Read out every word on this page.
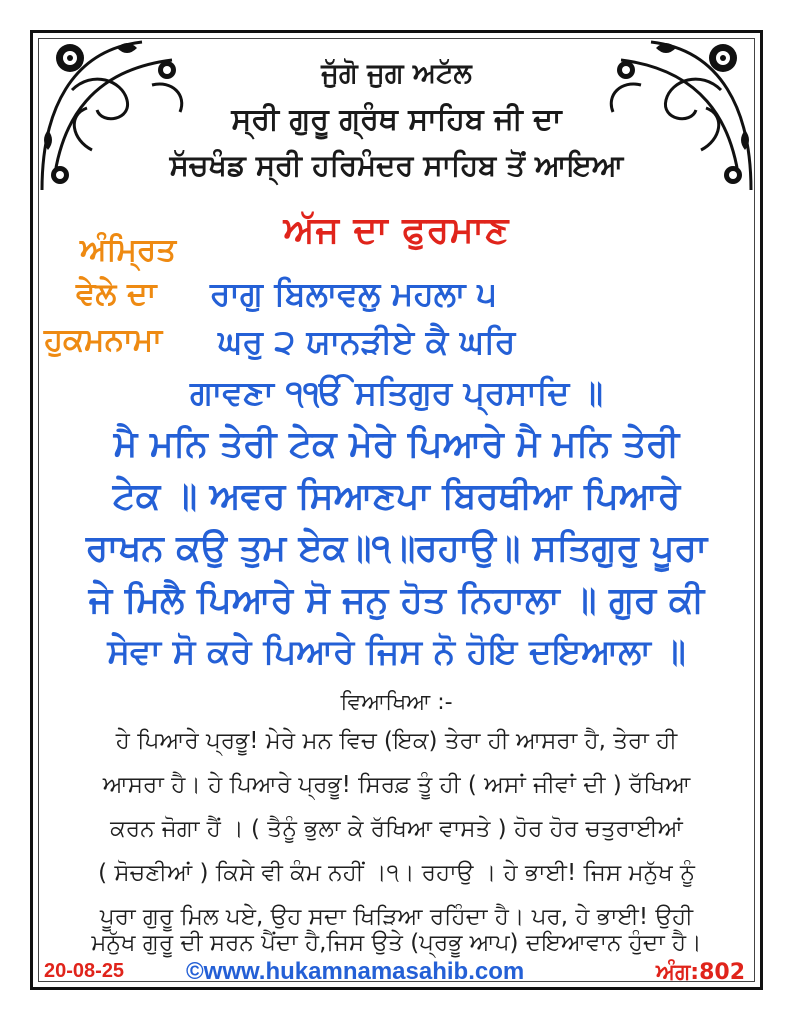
ਜੁੱਗੋ ਜੁਗ ਅਟੱਲ
ਸ੍ਰੀ ਗੁਰੂ ਗ੍ਰੰਥ ਸਾਹਿਬ ਜੀ ਦਾ
ਸੱਚਖੰਡ ਸ੍ਰੀ ਹਰਿਮੰਦਰ ਸਾਹਿਬ ਤੋਂ ਆਇਆ
ਅੱਜ ਦਾ ਫੁਰਮਾਣ
ਅੰਮ੍ਰਿਤ
ਵੇਲੇ ਦਾ
ਹੁਕਮਨਾਮਾ
ਰਾਗੁ ਬਿਲਾਵਲੁ ਮਹਲਾ ੫
ਘਰੁ ੨ ਯਾਨੜੀਏ ਕੈ ਘਰਿ
ਗਾਵਣਾ ੧ੴ ਸਤਿਗੁਰ ਪ੍ਰਸਾਦਿ ॥
ਮੈ ਮਨਿ ਤੇਰੀ ਟੇਕ ਮੇਰੇ ਪਿਆਰੇ ਮੈ ਮਨਿ ਤੇਰੀ
ਟੇਕ ॥ ਅਵਰ ਸਿਆਣਪਾ ਬਿਰਥੀਆ ਪਿਆਰੇ
ਰਾਖਨ ਕਉ ਤੁਮ ਏਕ॥੧॥ਰਹਾਉ॥ ਸਤਿਗੁਰੁ ਪੂਰਾ
ਜੇ ਮਿਲੈ ਪਿਆਰੇ ਸੋ ਜਨੁ ਹੋਤ ਨਿਹਾਲਾ ॥ ਗੁਰ ਕੀ
ਸੇਵਾ ਸੋ ਕਰੇ ਪਿਆਰੇ ਜਿਸ ਨੋ ਹੋਇ ਦਇਆਲਾ ॥
ਵਿਆਖਿਆ :-
ਹੇ ਪਿਆਰੇ ਪ੍ਰਭੂ! ਮੇਰੇ ਮਨ ਵਿਚ (ਇਕ) ਤੇਰਾ ਹੀ ਆਸਰਾ ਹੈ, ਤੇਰਾ ਹੀ
ਆਸਰਾ ਹੈ। ਹੇ ਪਿਆਰੇ ਪ੍ਰਭੂ! ਸਿਰਫ਼ ਤੂੰ ਹੀ ( ਅਸਾਂ ਜੀਵਾਂ ਦੀ ) ਰੱਖਿਆ
ਕਰਨ ਜੋਗਾ ਹੈਂ । ( ਤੈਨੂੰ ਭੁਲਾ ਕੇ ਰੱਖਿਆ ਵਾਸਤੇ ) ਹੋਰ ਹੋਰ ਚਤੁਰਾਈਆਂ
( ਸੋਚਣੀਆਂ ) ਕਿਸੇ ਵੀ ਕੰਮ ਨਹੀਂ ।੧। ਰਹਾਉ । ਹੇ ਭਾਈ! ਜਿਸ ਮਨੁੱਖ ਨੂੰ
ਪੂਰਾ ਗੁਰੂ ਮਿਲ ਪਏ, ਉਹ ਸਦਾ ਖਿੜਿਆ ਰਹਿੰਦਾ ਹੈ। ਪਰ, ਹੇ ਭਾਈ! ਉਹੀ
20-08-25	©www.hukamnamasahib.com	ਅੰਗ:802
ਮਨੁੱਖ ਗੁਰੂ ਦੀ ਸਰਨ ਪੈਂਦਾ ਹੈ,ਜਿਸ ਉਤੇ (ਪ੍ਰਭੂ ਆਪ) ਦਇਆਵਾਨ ਹੁੰਦਾ ਹੈ।
